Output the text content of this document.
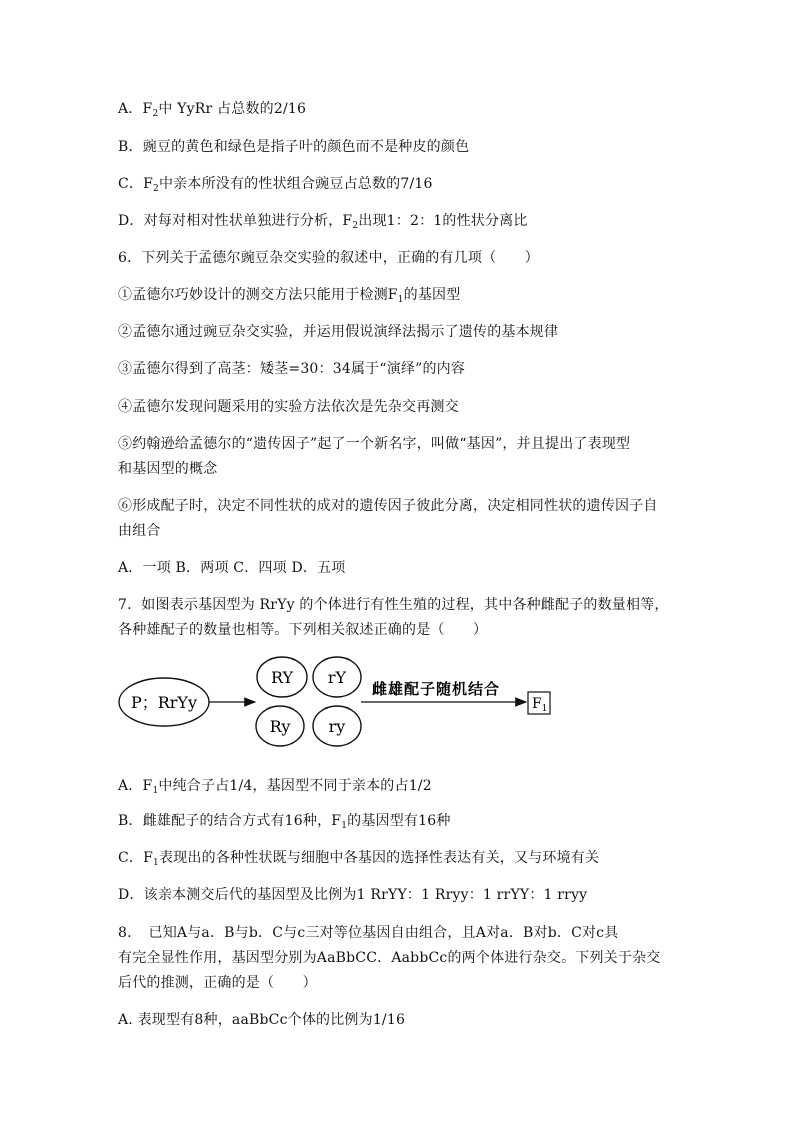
A．$F_2$中 YyRr 占总数的2/16
B．豌豆的黄色和绿色是指子叶的颜色而不是种皮的颜色
C．$F_2$中亲本所没有的性状组合豌豆占总数的7/16
D．对每对相对性状单独进行分析，$F_2$出现1：2：1的性状分离比
6．下列关于孟德尔豌豆杂交实验的叙述中，正确的有几项（　　）
①孟德尔巧妙设计的测交方法只能用于检测$F_1$的基因型
②孟德尔通过豌豆杂交实验，并运用假说演绎法揭示了遗传的基本规律
③孟德尔得到了高茎：矮茎=30：34属于“演绎”的内容
④孟德尔发现问题采用的实验方法依次是先杂交再测交
⑤约翰逊给孟德尔的“遗传因子”起了一个新名字，叫做“基因”，并且提出了表现型
和基因型的概念
⑥形成配子时，决定不同性状的成对的遗传因子彼此分离，决定相同性状的遗传因子自
由组合
A．一项 B．两项 C．四项 D．五项
7．如图表示基因型为 RrYy 的个体进行有性生殖的过程，其中各种雌配子的数量相等，
各种雄配子的数量也相等。下列相关叙述正确的是（　　）
P；RrYy
RY rY
Ry ry
雌雄配子随机结合
$F_1$
A．$F_1$中纯合子占1/4，基因型不同于亲本的占1/2
B．雌雄配子的结合方式有16种，$F_1$的基因型有16种
C．$F_1$表现出的各种性状既与细胞中各基因的选择性表达有关，又与环境有关
D．该亲本测交后代的基因型及比例为1 RrYY：1 Rryy：1 rrYY：1 rryy
8．　已知A与a．B与b．C与c三对等位基因自由组合，且A对a．B对b．C对c具
有完全显性作用，基因型分别为AaBbCC．AabbCc的两个体进行杂交。下列关于杂交
后代的推测，正确的是（　　）
A. 表现型有8种，aaBbCc个体的比例为1/16
